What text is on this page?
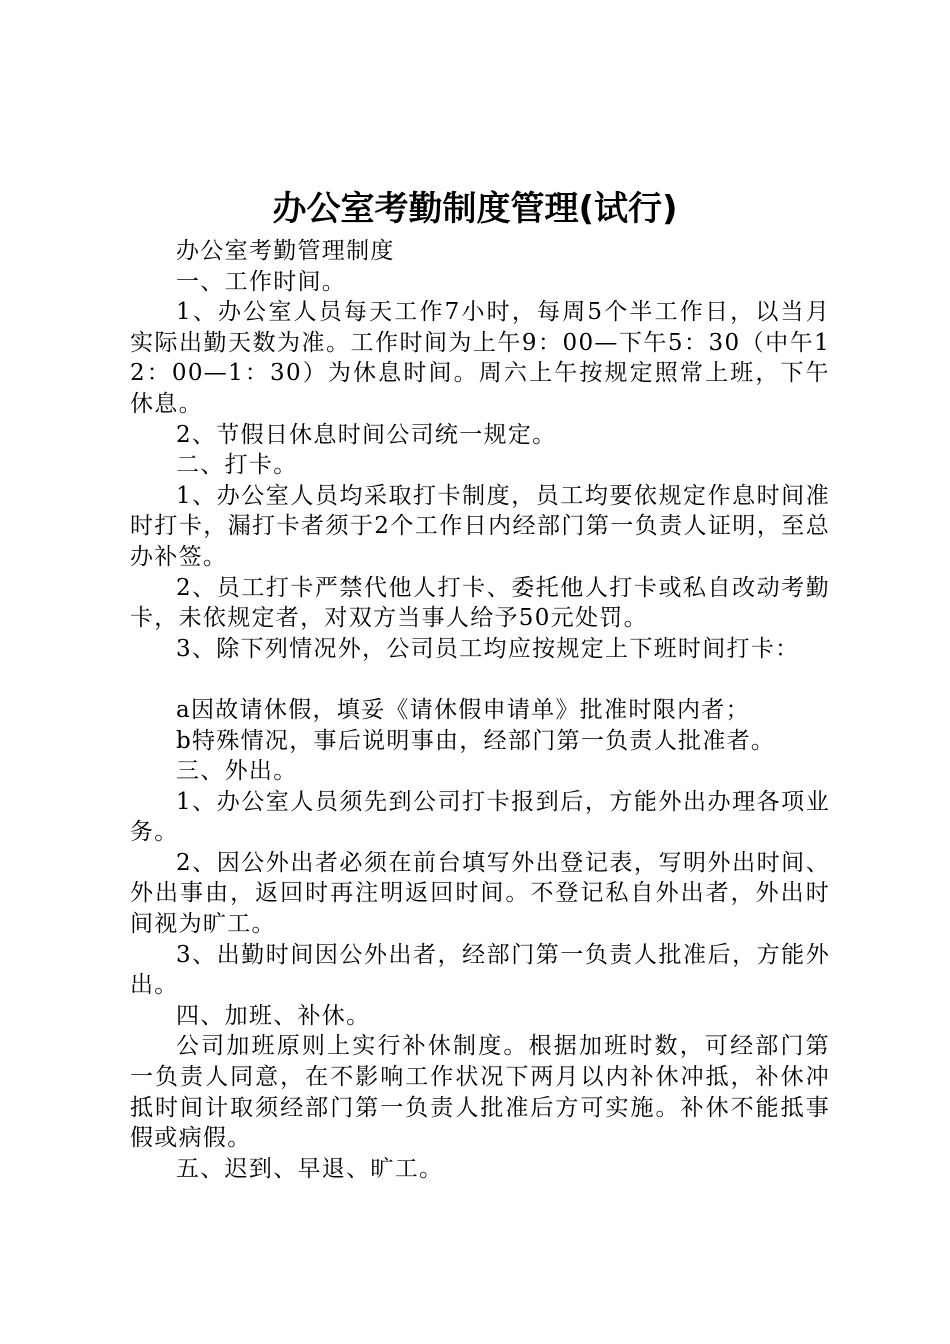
办公室考勤制度管理(试行)

办公室考勤管理制度

一、工作时间。

1、办公室人员每天工作7小时，每周5个半工作日，以当月实际出勤天数为准。工作时间为上午9：00—下午5：30（中午12：00—1：30）为休息时间。周六上午按规定照常上班，下午休息。

2、节假日休息时间公司统一规定。

二、打卡。

1、办公室人员均采取打卡制度，员工均要依规定作息时间准时打卡，漏打卡者须于2个工作日内经部门第一负责人证明，至总办补签。

2、员工打卡严禁代他人打卡、委托他人打卡或私自改动考勤卡，未依规定者，对双方当事人给予50元处罚。

3、除下列情况外，公司员工均应按规定上下班时间打卡：

a因故请休假，填妥《请休假申请单》批准时限内者；

b特殊情况，事后说明事由，经部门第一负责人批准者。

三、外出。

1、办公室人员须先到公司打卡报到后，方能外出办理各项业务。

2、因公外出者必须在前台填写外出登记表，写明外出时间、外出事由，返回时再注明返回时间。不登记私自外出者，外出时间视为旷工。

3、出勤时间因公外出者，经部门第一负责人批准后，方能外出。

四、加班、补休。

公司加班原则上实行补休制度。根据加班时数，可经部门第一负责人同意，在不影响工作状况下两月以内补休冲抵，补休冲抵时间计取须经部门第一负责人批准后方可实施。补休不能抵事假或病假。

五、迟到、早退、旷工。
